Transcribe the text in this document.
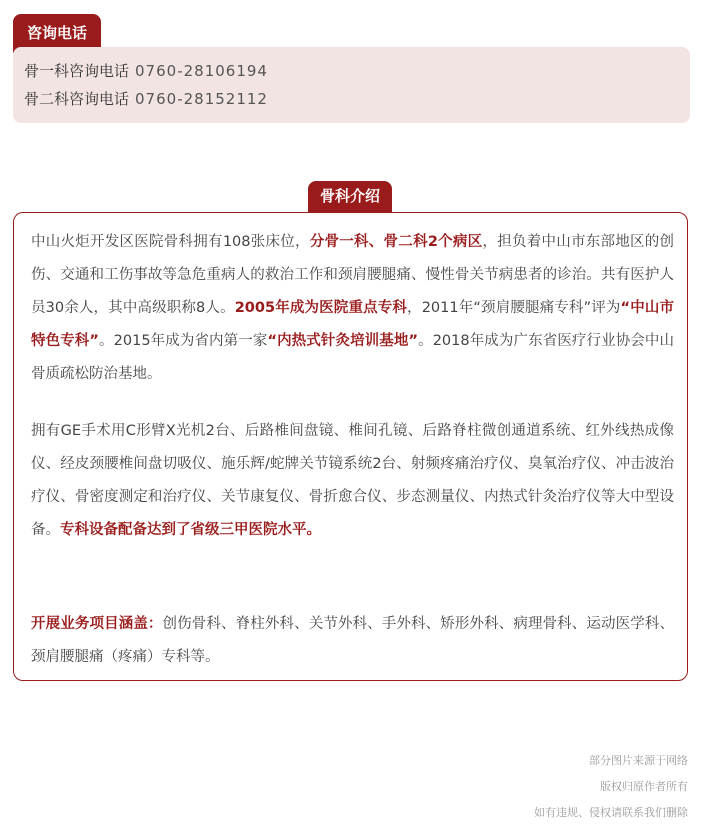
咨询电话
骨一科咨询电话 0760-28106194
骨二科咨询电话 0760-28152112
骨科介绍

中山火炬开发区医院骨科拥有108张床位，分骨一科、骨二科2个病区，担负着中山市东部地区的创伤、交通和工伤事故等急危重病人的救治工作和颈肩腰腿痛、慢性骨关节病患者的诊治。共有医护人员30余人，其中高级职称8人。2005年成为医院重点专科，2011年“颈肩腰腿痛专科”评为“中山市特色专科”。2015年成为省内第一家“内热式针灸培训基地”。2018年成为广东省医疗行业协会中山骨质疏松防治基地。

拥有GE手术用C形臂X光机2台、后路椎间盘镜、椎间孔镜、后路脊柱微创通道系统、红外线热成像仪、经皮颈腰椎间盘切吸仪、施乐辉/蛇牌关节镜系统2台、射频疼痛治疗仪、臭氧治疗仪、冲击波治疗仪、骨密度测定和治疗仪、关节康复仪、骨折愈合仪、步态测量仪、内热式针灸治疗仪等大中型设备。专科设备配备达到了省级三甲医院水平。

开展业务项目涵盖：创伤骨科、脊柱外科、关节外科、手外科、矫形外科、病理骨科、运动医学科、颈肩腰腿痛（疼痛）专科等。

部分图片来源于网络
版权归原作者所有
如有违规、侵权请联系我们删除
